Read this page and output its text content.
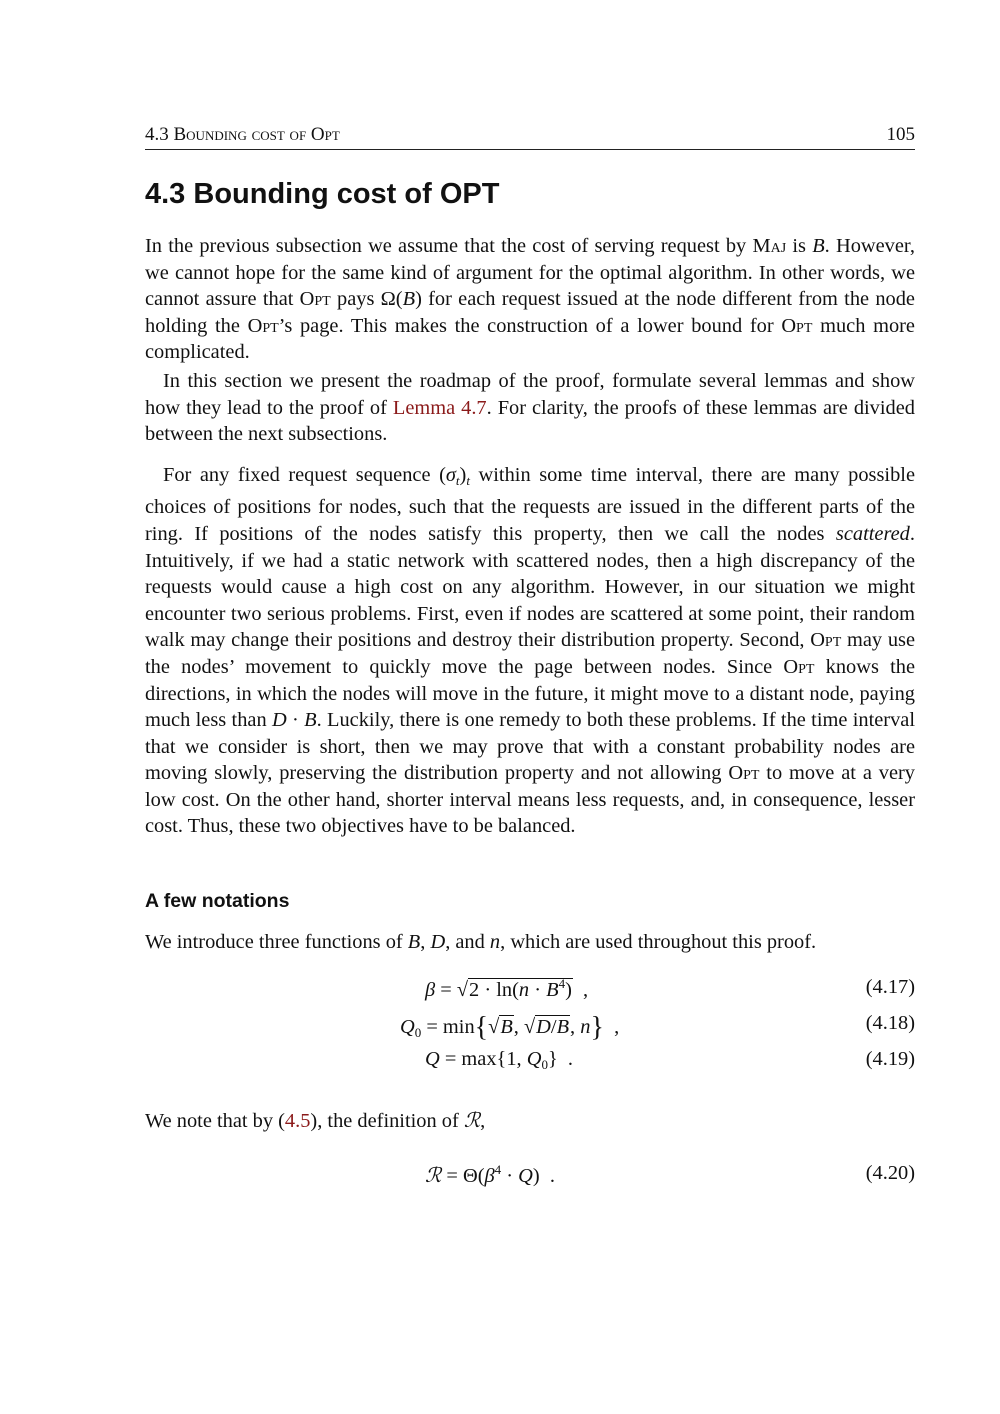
4.3 Bounding cost of Opt	105
4.3 Bounding cost of OPT

In the previous subsection we assume that the cost of serving request by Maj is B. However, we cannot hope for the same kind of argument for the optimal algorithm. In other words, we cannot assure that Opt pays Ω(B) for each request issued at the node different from the node holding the Opt’s page. This makes the construction of a lower bound for Opt much more complicated.

In this section we present the roadmap of the proof, formulate several lemmas and show how they lead to the proof of Lemma 4.7. For clarity, the proofs of these lemmas are divided between the next subsections.

For any fixed request sequence $(\sigma_t)_t$ within some time interval, there are many possible choices of positions for nodes, such that the requests are issued in the different parts of the ring. If positions of the nodes satisfy this property, then we call the nodes scattered. Intuitively, if we had a static network with scattered nodes, then a high discrepancy of the requests would cause a high cost on any algorithm. However, in our situation we might encounter two serious problems. First, even if nodes are scattered at some point, their random walk may change their positions and destroy their distribution property. Second, Opt may use the nodes’ movement to quickly move the page between nodes. Since Opt knows the directions, in which the nodes will move in the future, it might move to a distant node, paying much less than D · B. Luckily, there is one remedy to both these problems. If the time interval that we consider is short, then we may prove that with a constant probability nodes are moving slowly, preserving the distribution property and not allowing Opt to move at a very low cost. On the other hand, shorter interval means less requests, and, in consequence, lesser cost. Thus, these two objectives have to be balanced.

A few notations

We introduce three functions of B, D, and n, which are used throughout this proof.

$\beta = √2 \cdot \ln(n \cdot B^4)$  ,	(4.17)
$Q_0 = \min\{√B$, √D/B, n}  ,	(4.18)
Q = max{1, $Q_0$}  .	(4.19)

We note that by (4.5), the definition of ℛ,

ℛ = $\Theta(\beta^4 \cdot Q)$  .	(4.20)
